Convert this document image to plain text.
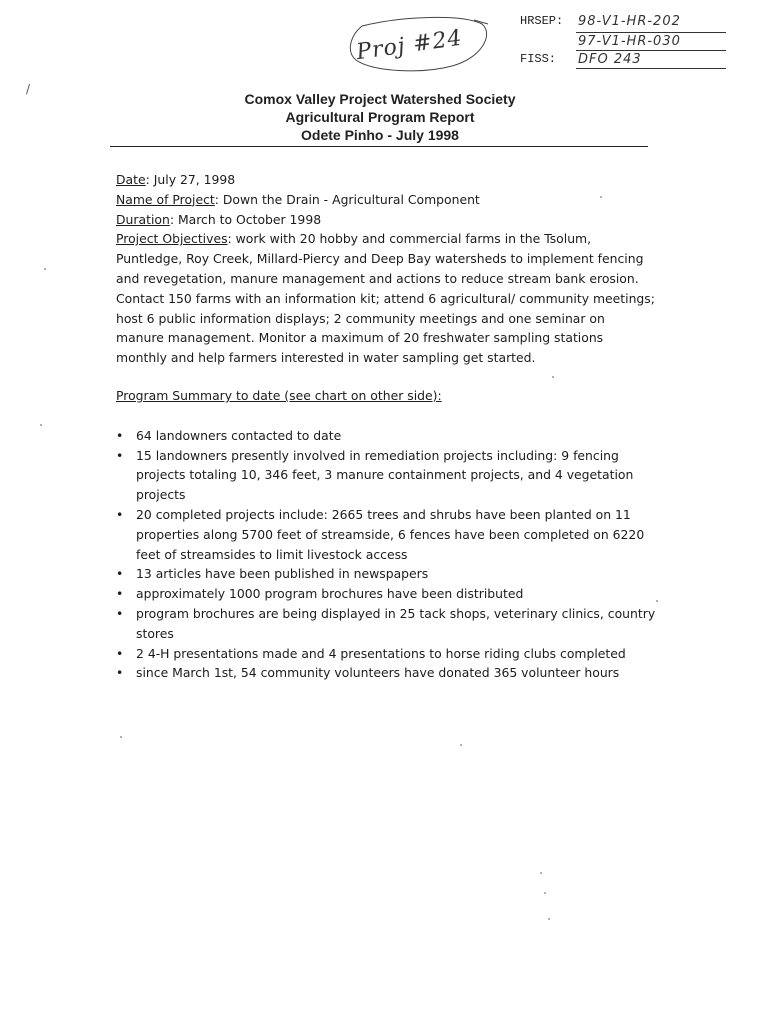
Proj #24
HRSEP: 98-V1-HR-202
97-V1-HR-030
FISS: DFO 243
/
Comox Valley Project Watershed Society
Agricultural Program Report
Odete Pinho - July 1998

Date: July 27, 1998

Name of Project: Down the Drain - Agricultural Component

Duration: March to October 1998

Project Objectives: work with 20 hobby and commercial farms in the Tsolum, Puntledge, Roy Creek, Millard-Piercy and Deep Bay watersheds to implement fencing and revegetation, manure management and actions to reduce stream bank erosion. Contact 150 farms with an information kit; attend 6 agricultural/ community meetings; host 6 public information displays; 2 community meetings and one seminar on manure management. Monitor a maximum of 20 freshwater sampling stations monthly and help farmers interested in water sampling get started.

Program Summary to date (see chart on other side):

• 64 landowners contacted to date
• 15 landowners presently involved in remediation projects including: 9 fencing projects totaling 10, 346 feet, 3 manure containment projects, and 4 vegetation projects
• 20 completed projects include: 2665 trees and shrubs have been planted on 11 properties along 5700 feet of streamside, 6 fences have been completed on 6220 feet of streamsides to limit livestock access
• 13 articles have been published in newspapers
• approximately 1000 program brochures have been distributed
• program brochures are being displayed in 25 tack shops, veterinary clinics, country stores
• 2 4-H presentations made and 4 presentations to horse riding clubs completed
• since March 1st, 54 community volunteers have donated 365 volunteer hours
